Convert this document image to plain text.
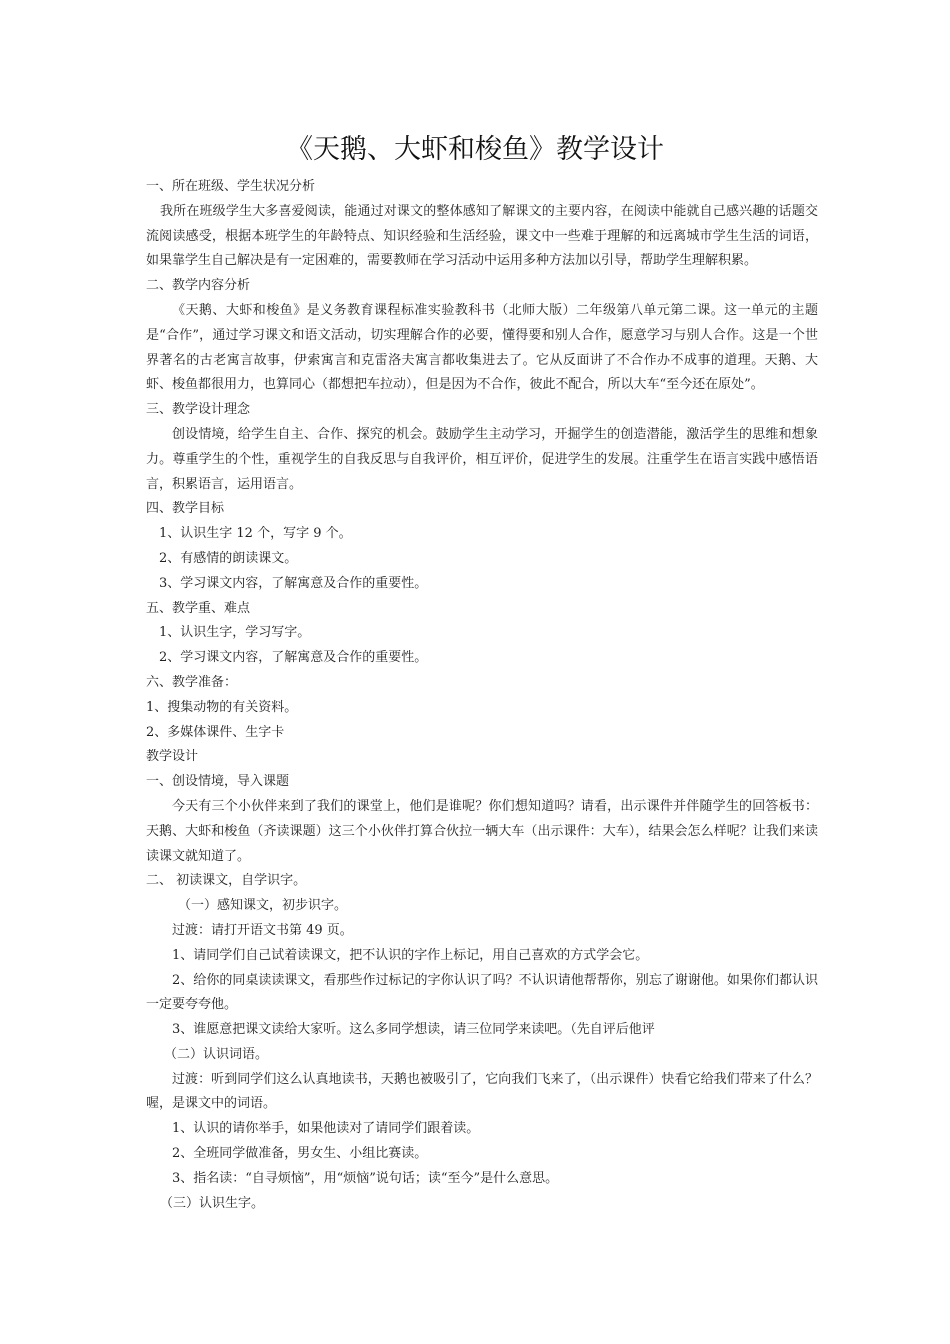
《天鹅、大虾和梭鱼》教学设计

一、所在班级、学生状况分析

我所在班级学生大多喜爱阅读，能通过对课文的整体感知了解课文的主要内容，在阅读中能就自己感兴趣的话题交流阅读感受，根据本班学生的年龄特点、知识经验和生活经验，课文中一些难于理解的和远离城市学生生活的词语，如果靠学生自己解决是有一定困难的，需要教师在学习活动中运用多种方法加以引导，帮助学生理解积累。

二、教学内容分析

《天鹅、大虾和梭鱼》是义务教育课程标准实验教科书（北师大版）二年级第八单元第二课。这一单元的主题是“合作”，通过学习课文和语文活动，切实理解合作的必要，懂得要和别人合作，愿意学习与别人合作。这是一个世界著名的古老寓言故事，伊索寓言和克雷洛夫寓言都收集进去了。它从反面讲了不合作办不成事的道理。天鹅、大虾、梭鱼都很用力，也算同心（都想把车拉动），但是因为不合作，彼此不配合，所以大车“至今还在原处”。

三、教学设计理念

创设情境，给学生自主、合作、探究的机会。鼓励学生主动学习，开掘学生的创造潜能，激活学生的思维和想象力。尊重学生的个性，重视学生的自我反思与自我评价，相互评价，促进学生的发展。注重学生在语言实践中感悟语言，积累语言，运用语言。

四、教学目标

1、认识生字 12 个，写字 9 个。

2、有感情的朗读课文。

3、学习课文内容，了解寓意及合作的重要性。

五、教学重、难点

1、认识生字，学习写字。

2、学习课文内容，了解寓意及合作的重要性。

六、教学准备：

1、搜集动物的有关资料。

2、多媒体课件、生字卡

教学设计

一、创设情境，导入课题

今天有三个小伙伴来到了我们的课堂上，他们是谁呢？你们想知道吗？请看，出示课件并伴随学生的回答板书：天鹅、大虾和梭鱼（齐读课题）这三个小伙伴打算合伙拉一辆大车（出示课件：大车），结果会怎么样呢？让我们来读读课文就知道了。

二、 初读课文，自学识字。

（一）感知课文，初步识字。

过渡：请打开语文书第 49 页。

1、请同学们自己试着读课文，把不认识的字作上标记，用自己喜欢的方式学会它。

2、给你的同桌读读课文，看那些作过标记的字你认识了吗？不认识请他帮帮你，别忘了谢谢他。如果你们都认识一定要夸夸他。

3、谁愿意把课文读给大家听。这么多同学想读，请三位同学来读吧。（先自评后他评

（二）认识词语。

过渡：听到同学们这么认真地读书，天鹅也被吸引了，它向我们飞来了，（出示课件）快看它给我们带来了什么？喔，是课文中的词语。

1、认识的请你举手，如果他读对了请同学们跟着读。

2、全班同学做准备，男女生、小组比赛读。

3、指名读：“自寻烦恼”，用“烦恼”说句话；读“至今”是什么意思。

（三）认识生字。
